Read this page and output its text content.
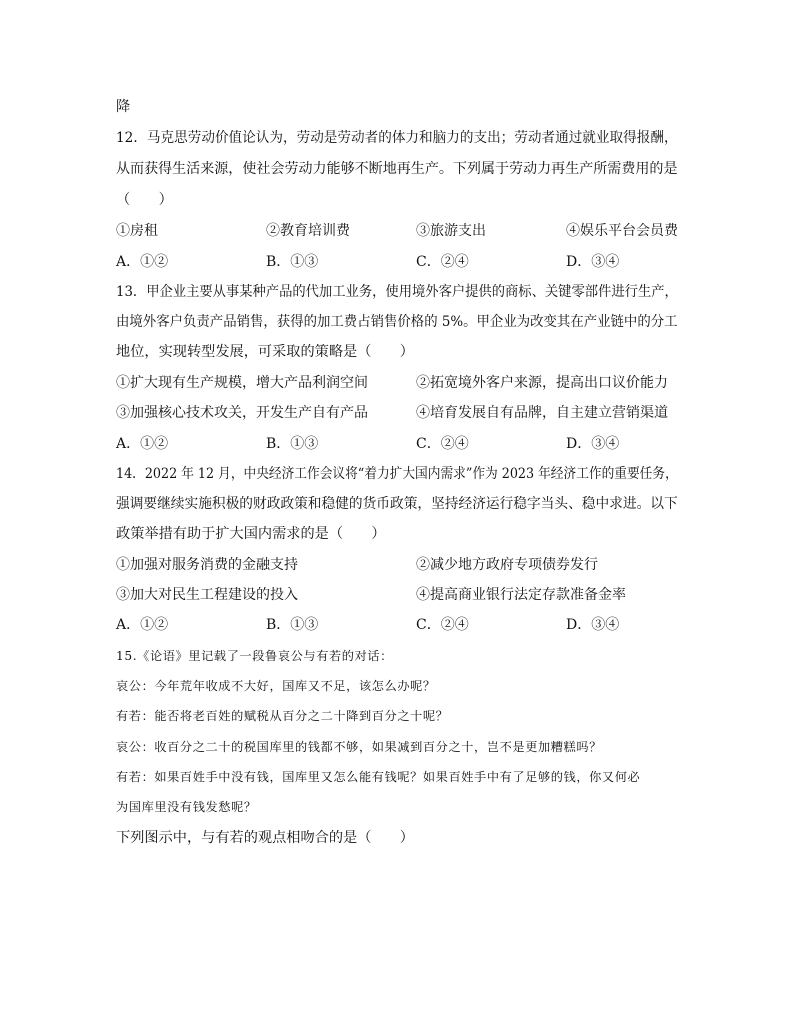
降
12．马克思劳动价值论认为，劳动是劳动者的体力和脑力的支出；劳动者通过就业取得报酬，
从而获得生活来源，使社会劳动力能够不断地再生产。下列属于劳动力再生产所需费用的是
（　　）
①房租	②教育培训费	③旅游支出	④娱乐平台会员费
A．①②	B．①③	C．②④	D．③④
13．甲企业主要从事某种产品的代加工业务，使用境外客户提供的商标、关键零部件进行生产，
由境外客户负责产品销售，获得的加工费占销售价格的 5%。甲企业为改变其在产业链中的分工
地位，实现转型发展，可采取的策略是（　　）
①扩大现有生产规模，增大产品利润空间	②拓宽境外客户来源，提高出口议价能力
③加强核心技术攻关，开发生产自有产品	④培育发展自有品牌，自主建立营销渠道
A．①②	B．①③	C．②④	D．③④
14．2022 年 12 月，中央经济工作会议将“着力扩大国内需求”作为 2023 年经济工作的重要任务，
强调要继续实施积极的财政政策和稳健的货币政策，坚持经济运行稳字当头、稳中求进。以下
政策举措有助于扩大国内需求的是（　　）
①加强对服务消费的金融支持	②减少地方政府专项债券发行
③加大对民生工程建设的投入	④提高商业银行法定存款准备金率
A．①②	B．①③	C．②④	D．③④
15.《论语》里记载了一段鲁哀公与有若的对话：
哀公：今年荒年收成不大好，国库又不足，该怎么办呢？
有若：能否将老百姓的赋税从百分之二十降到百分之十呢？
哀公：收百分之二十的税国库里的钱都不够，如果减到百分之十，岂不是更加糟糕吗？
有若：如果百姓手中没有钱，国库里又怎么能有钱呢？如果百姓手中有了足够的钱，你又何必
为国库里没有钱发愁呢？
下列图示中，与有若的观点相吻合的是（　　）
